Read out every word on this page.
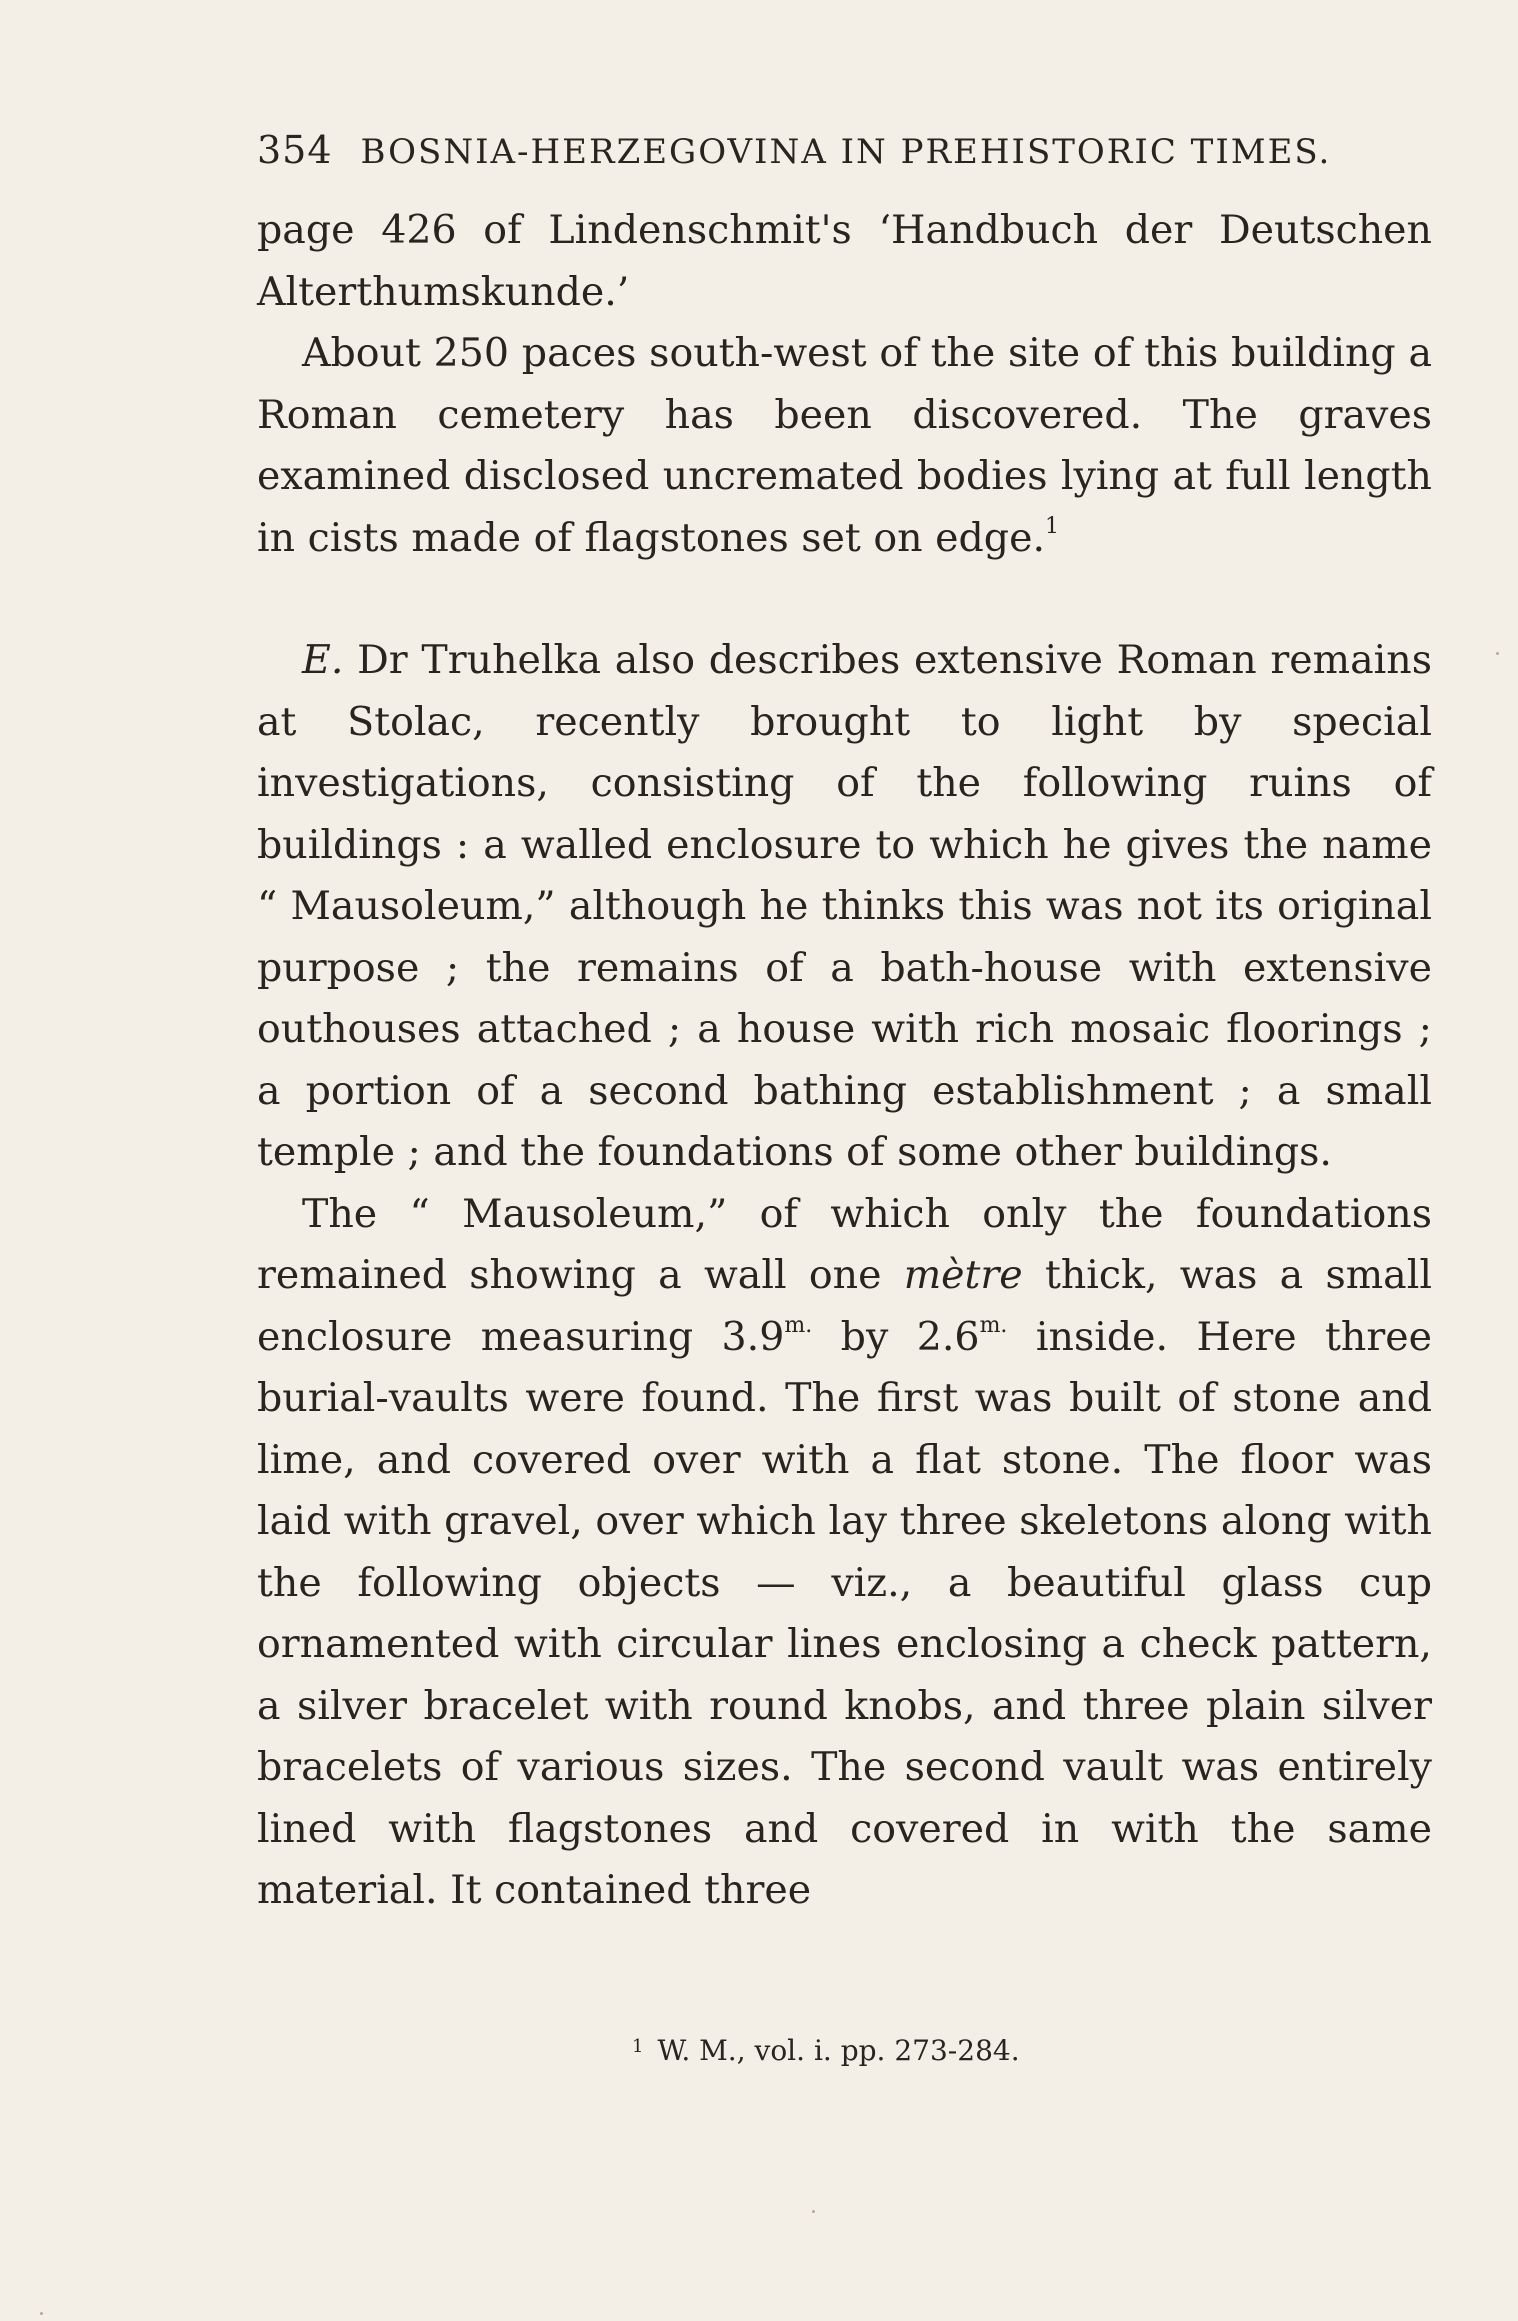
354 BOSNIA-HERZEGOVINA IN PREHISTORIC TIMES.

page 426 of Lindenschmit's ‘Handbuch der Deutschen Alterthumskunde.’

About 250 paces south-west of the site of this building a Roman cemetery has been discovered. The graves examined disclosed uncremated bodies lying at full length in cists made of flagstones set on edge.$^1$

E. Dr Truhelka also describes extensive Roman remains at Stolac, recently brought to light by special investigations, consisting of the following ruins of buildings : a walled enclosure to which he gives the name “ Mausoleum,” although he thinks this was not its original purpose ; the remains of a bath-house with extensive outhouses attached ; a house with rich mosaic floorings ; a portion of a second bathing establishment ; a small temple ; and the foundations of some other buildings.

The “ Mausoleum,” of which only the foundations remained showing a wall one mètre thick, was a small enclosure measuring $3.9^{m.}$ by $2.6^{m.}$ inside. Here three burial-vaults were found. The first was built of stone and lime, and covered over with a flat stone. The floor was laid with gravel, over which lay three skeletons along with the following objects — viz., a beautiful glass cup ornamented with circular lines enclosing a check pattern, a silver bracelet with round knobs, and three plain silver bracelets of various sizes. The second vault was entirely lined with flagstones and covered in with the same material. It contained three

$^1$ W. M., vol. i. pp. 273-284.
